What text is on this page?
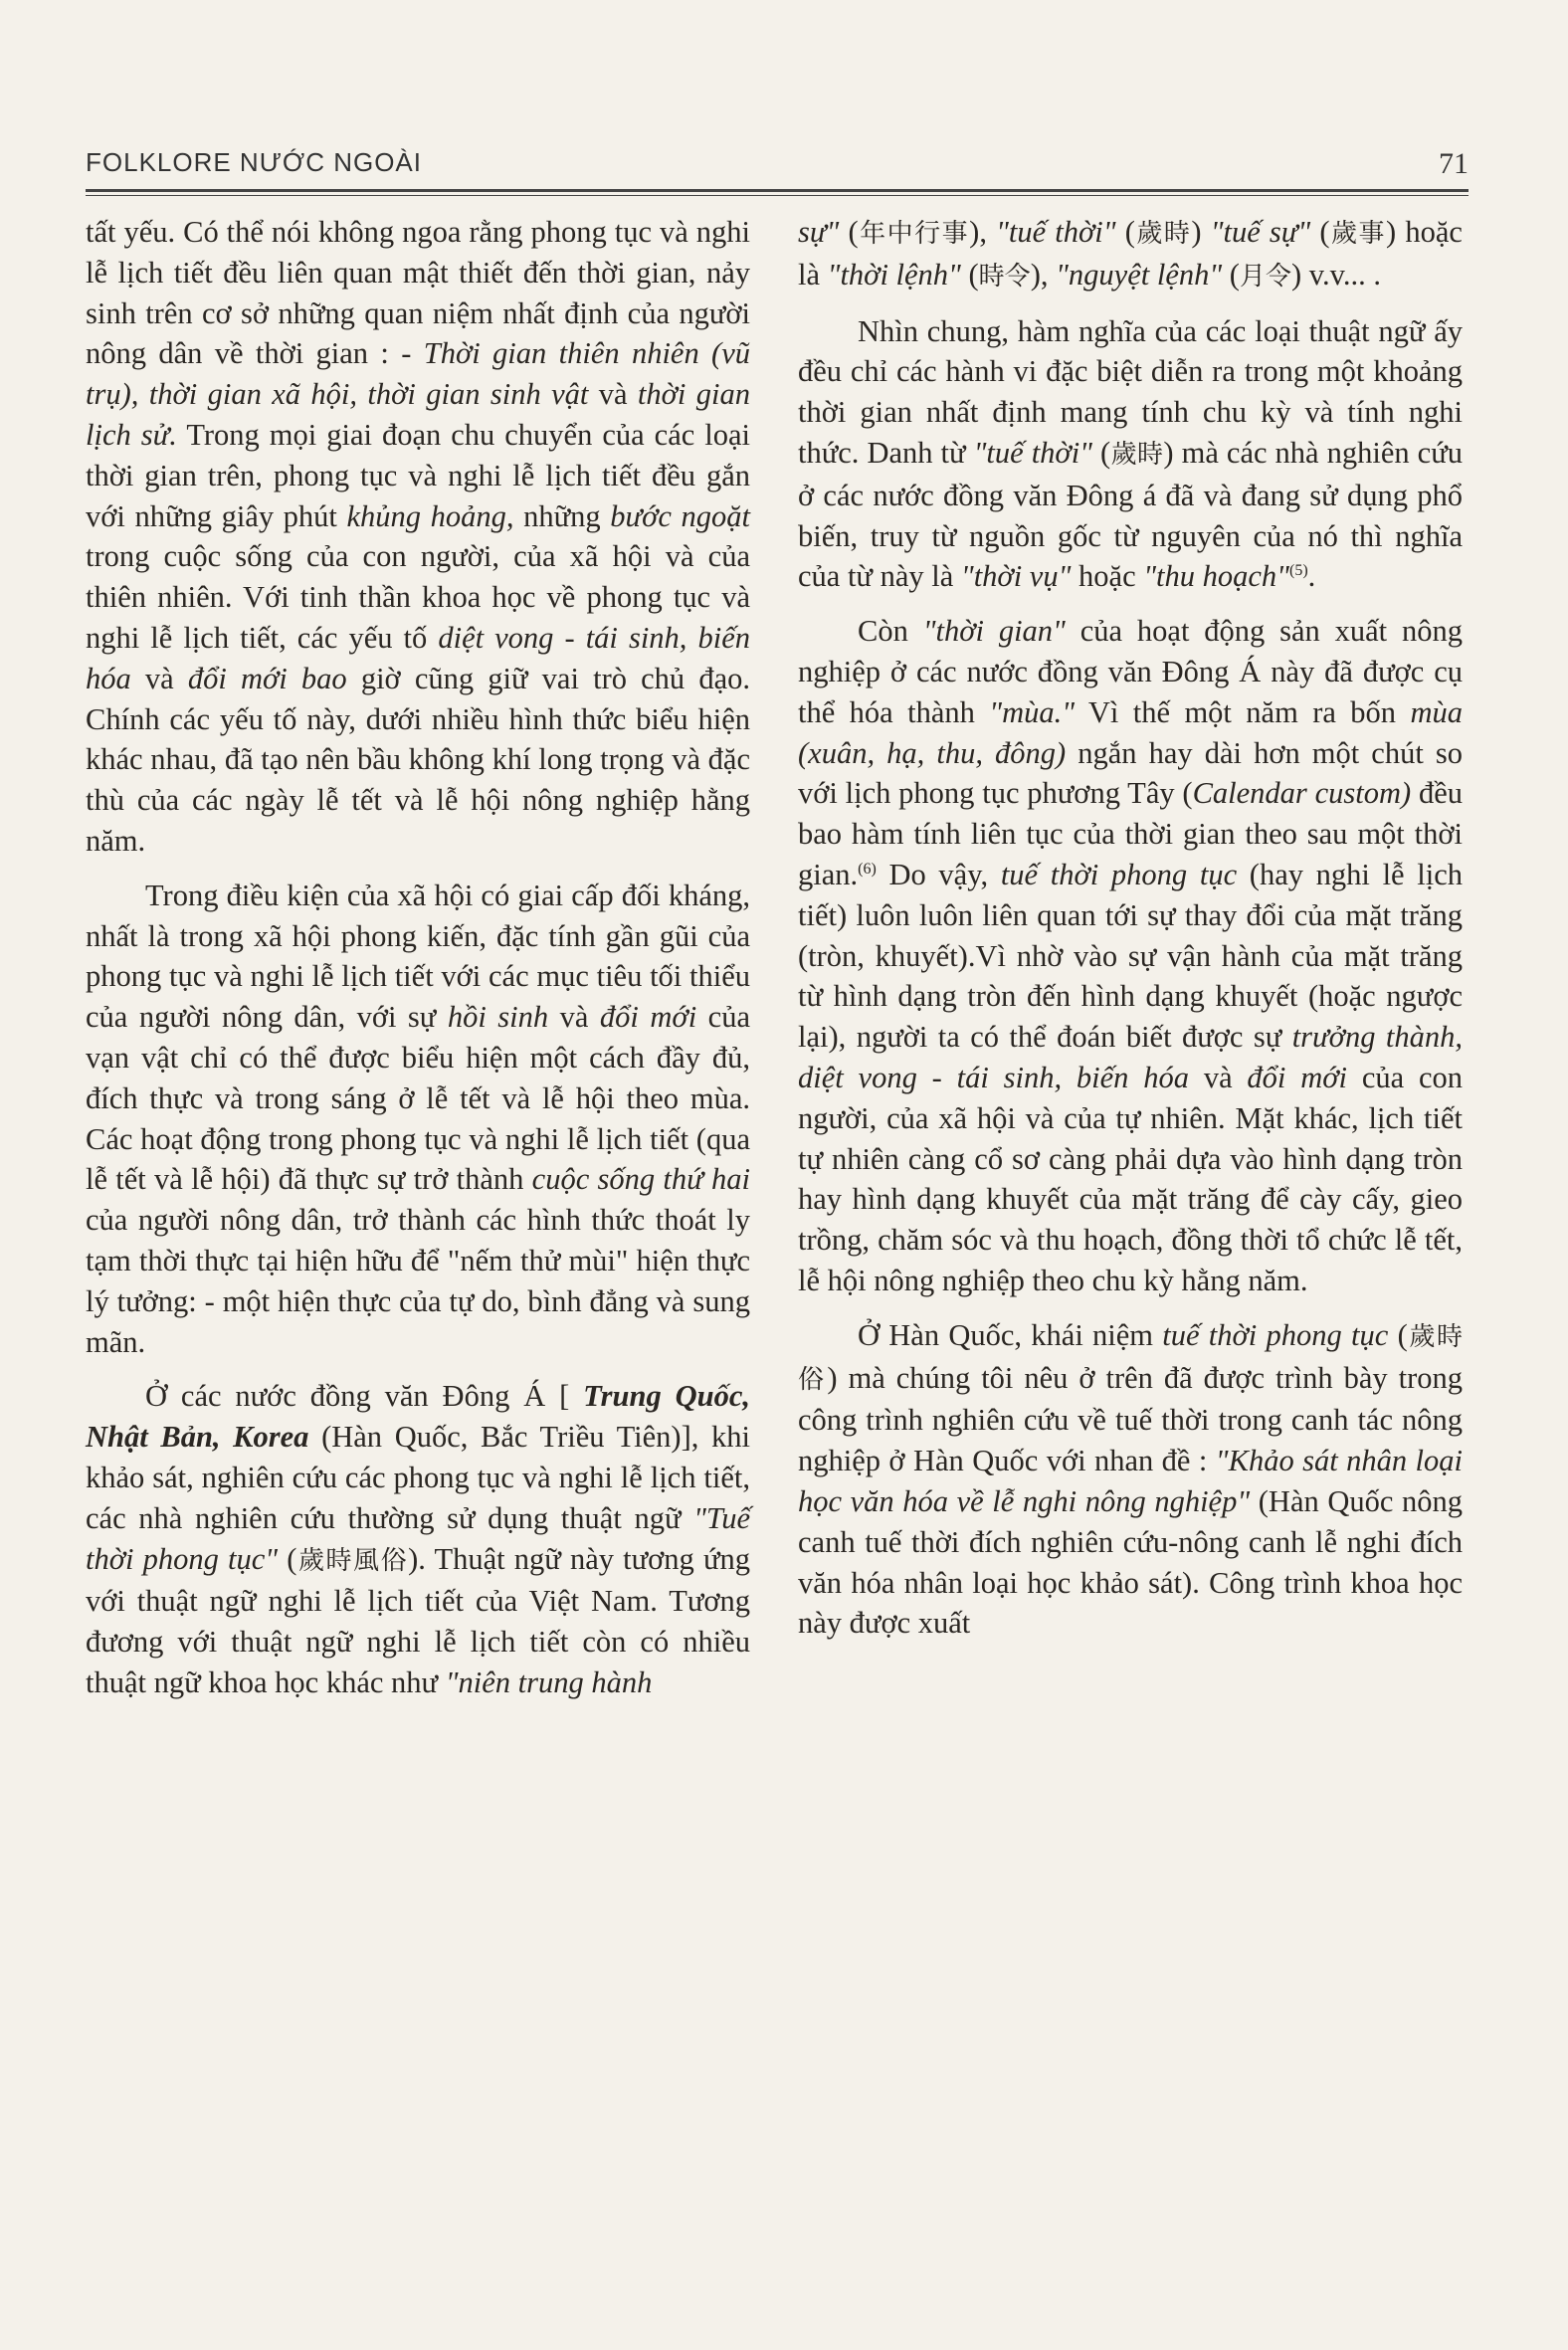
FOLKLORE NƯỚC NGOÀI	71

tất yếu. Có thể nói không ngoa rằng phong tục và nghi lễ lịch tiết đều liên quan mật thiết đến thời gian, nảy sinh trên cơ sở những quan niệm nhất định của người nông dân về thời gian : - Thời gian thiên nhiên (vũ trụ), thời gian xã hội, thời gian sinh vật và thời gian lịch sử. Trong mọi giai đoạn chu chuyển của các loại thời gian trên, phong tục và nghi lễ lịch tiết đều gắn với những giây phút khủng hoảng, những bước ngoặt trong cuộc sống của con người, của xã hội và của thiên nhiên. Với tinh thần khoa học về phong tục và nghi lễ lịch tiết, các yếu tố diệt vong - tái sinh, biến hóa và đổi mới bao giờ cũng giữ vai trò chủ đạo. Chính các yếu tố này, dưới nhiều hình thức biểu hiện khác nhau, đã tạo nên bầu không khí long trọng và đặc thù của các ngày lễ tết và lễ hội nông nghiệp hằng năm.

Trong điều kiện của xã hội có giai cấp đối kháng, nhất là trong xã hội phong kiến, đặc tính gần gũi của phong tục và nghi lễ lịch tiết với các mục tiêu tối thiểu của người nông dân, với sự hồi sinh và đổi mới của vạn vật chỉ có thể được biểu hiện một cách đầy đủ, đích thực và trong sáng ở lễ tết và lễ hội theo mùa. Các hoạt động trong phong tục và nghi lễ lịch tiết (qua lễ tết và lễ hội) đã thực sự trở thành cuộc sống thứ hai của người nông dân, trở thành các hình thức thoát ly tạm thời thực tại hiện hữu để "nếm thử mùi" hiện thực lý tưởng: - một hiện thực của tự do, bình đẳng và sung mãn.

Ở các nước đồng văn Đông Á [ Trung Quốc, Nhật Bản, Korea (Hàn Quốc, Bắc Triều Tiên)], khi khảo sát, nghiên cứu các phong tục và nghi lễ lịch tiết, các nhà nghiên cứu thường sử dụng thuật ngữ "Tuế thời phong tục" (歲時風俗). Thuật ngữ này tương ứng với thuật ngữ nghi lễ lịch tiết của Việt Nam. Tương đương với thuật ngữ nghi lễ lịch tiết còn có nhiều thuật ngữ khoa học khác như "niên trung hành

sự" (年中行事), "tuế thời" (歲時) "tuế sự" (歲事) hoặc là "thời lệnh" (時令), "nguyệt lệnh" (月令) v.v... .

Nhìn chung, hàm nghĩa của các loại thuật ngữ ấy đều chỉ các hành vi đặc biệt diễn ra trong một khoảng thời gian nhất định mang tính chu kỳ và tính nghi thức. Danh từ "tuế thời" (歲時) mà các nhà nghiên cứu ở các nước đồng văn Đông á đã và đang sử dụng phổ biến, truy từ nguồn gốc từ nguyên của nó thì nghĩa của từ này là "thời vụ" hoặc "thu hoạch"$^{(5)}$.

Còn "thời gian" của hoạt động sản xuất nông nghiệp ở các nước đồng văn Đông Á này đã được cụ thể hóa thành "mùa." Vì thế một năm ra bốn mùa (xuân, hạ, thu, đông) ngắn hay dài hơn một chút so với lịch phong tục phương Tây (Calendar custom) đều bao hàm tính liên tục của thời gian theo sau một thời gian.$^{(6)}$ Do vậy, tuế thời phong tục (hay nghi lễ lịch tiết) luôn luôn liên quan tới sự thay đổi của mặt trăng (tròn, khuyết).Vì nhờ vào sự vận hành của mặt trăng từ hình dạng tròn đến hình dạng khuyết (hoặc ngược lại), người ta có thể đoán biết được sự trưởng thành, diệt vong - tái sinh, biến hóa và đổi mới của con người, của xã hội và của tự nhiên. Mặt khác, lịch tiết tự nhiên càng cổ sơ càng phải dựa vào hình dạng tròn hay hình dạng khuyết của mặt trăng để cày cấy, gieo trồng, chăm sóc và thu hoạch, đồng thời tổ chức lễ tết, lễ hội nông nghiệp theo chu kỳ hằng năm.

Ở Hàn Quốc, khái niệm tuế thời phong tục (歲時俗) mà chúng tôi nêu ở trên đã được trình bày trong công trình nghiên cứu về tuế thời trong canh tác nông nghiệp ở Hàn Quốc với nhan đề : "Khảo sát nhân loại học văn hóa về lễ nghi nông nghiệp" (Hàn Quốc nông canh tuế thời đích nghiên cứu-nông canh lễ nghi đích văn hóa nhân loại học khảo sát). Công trình khoa học này được xuất
